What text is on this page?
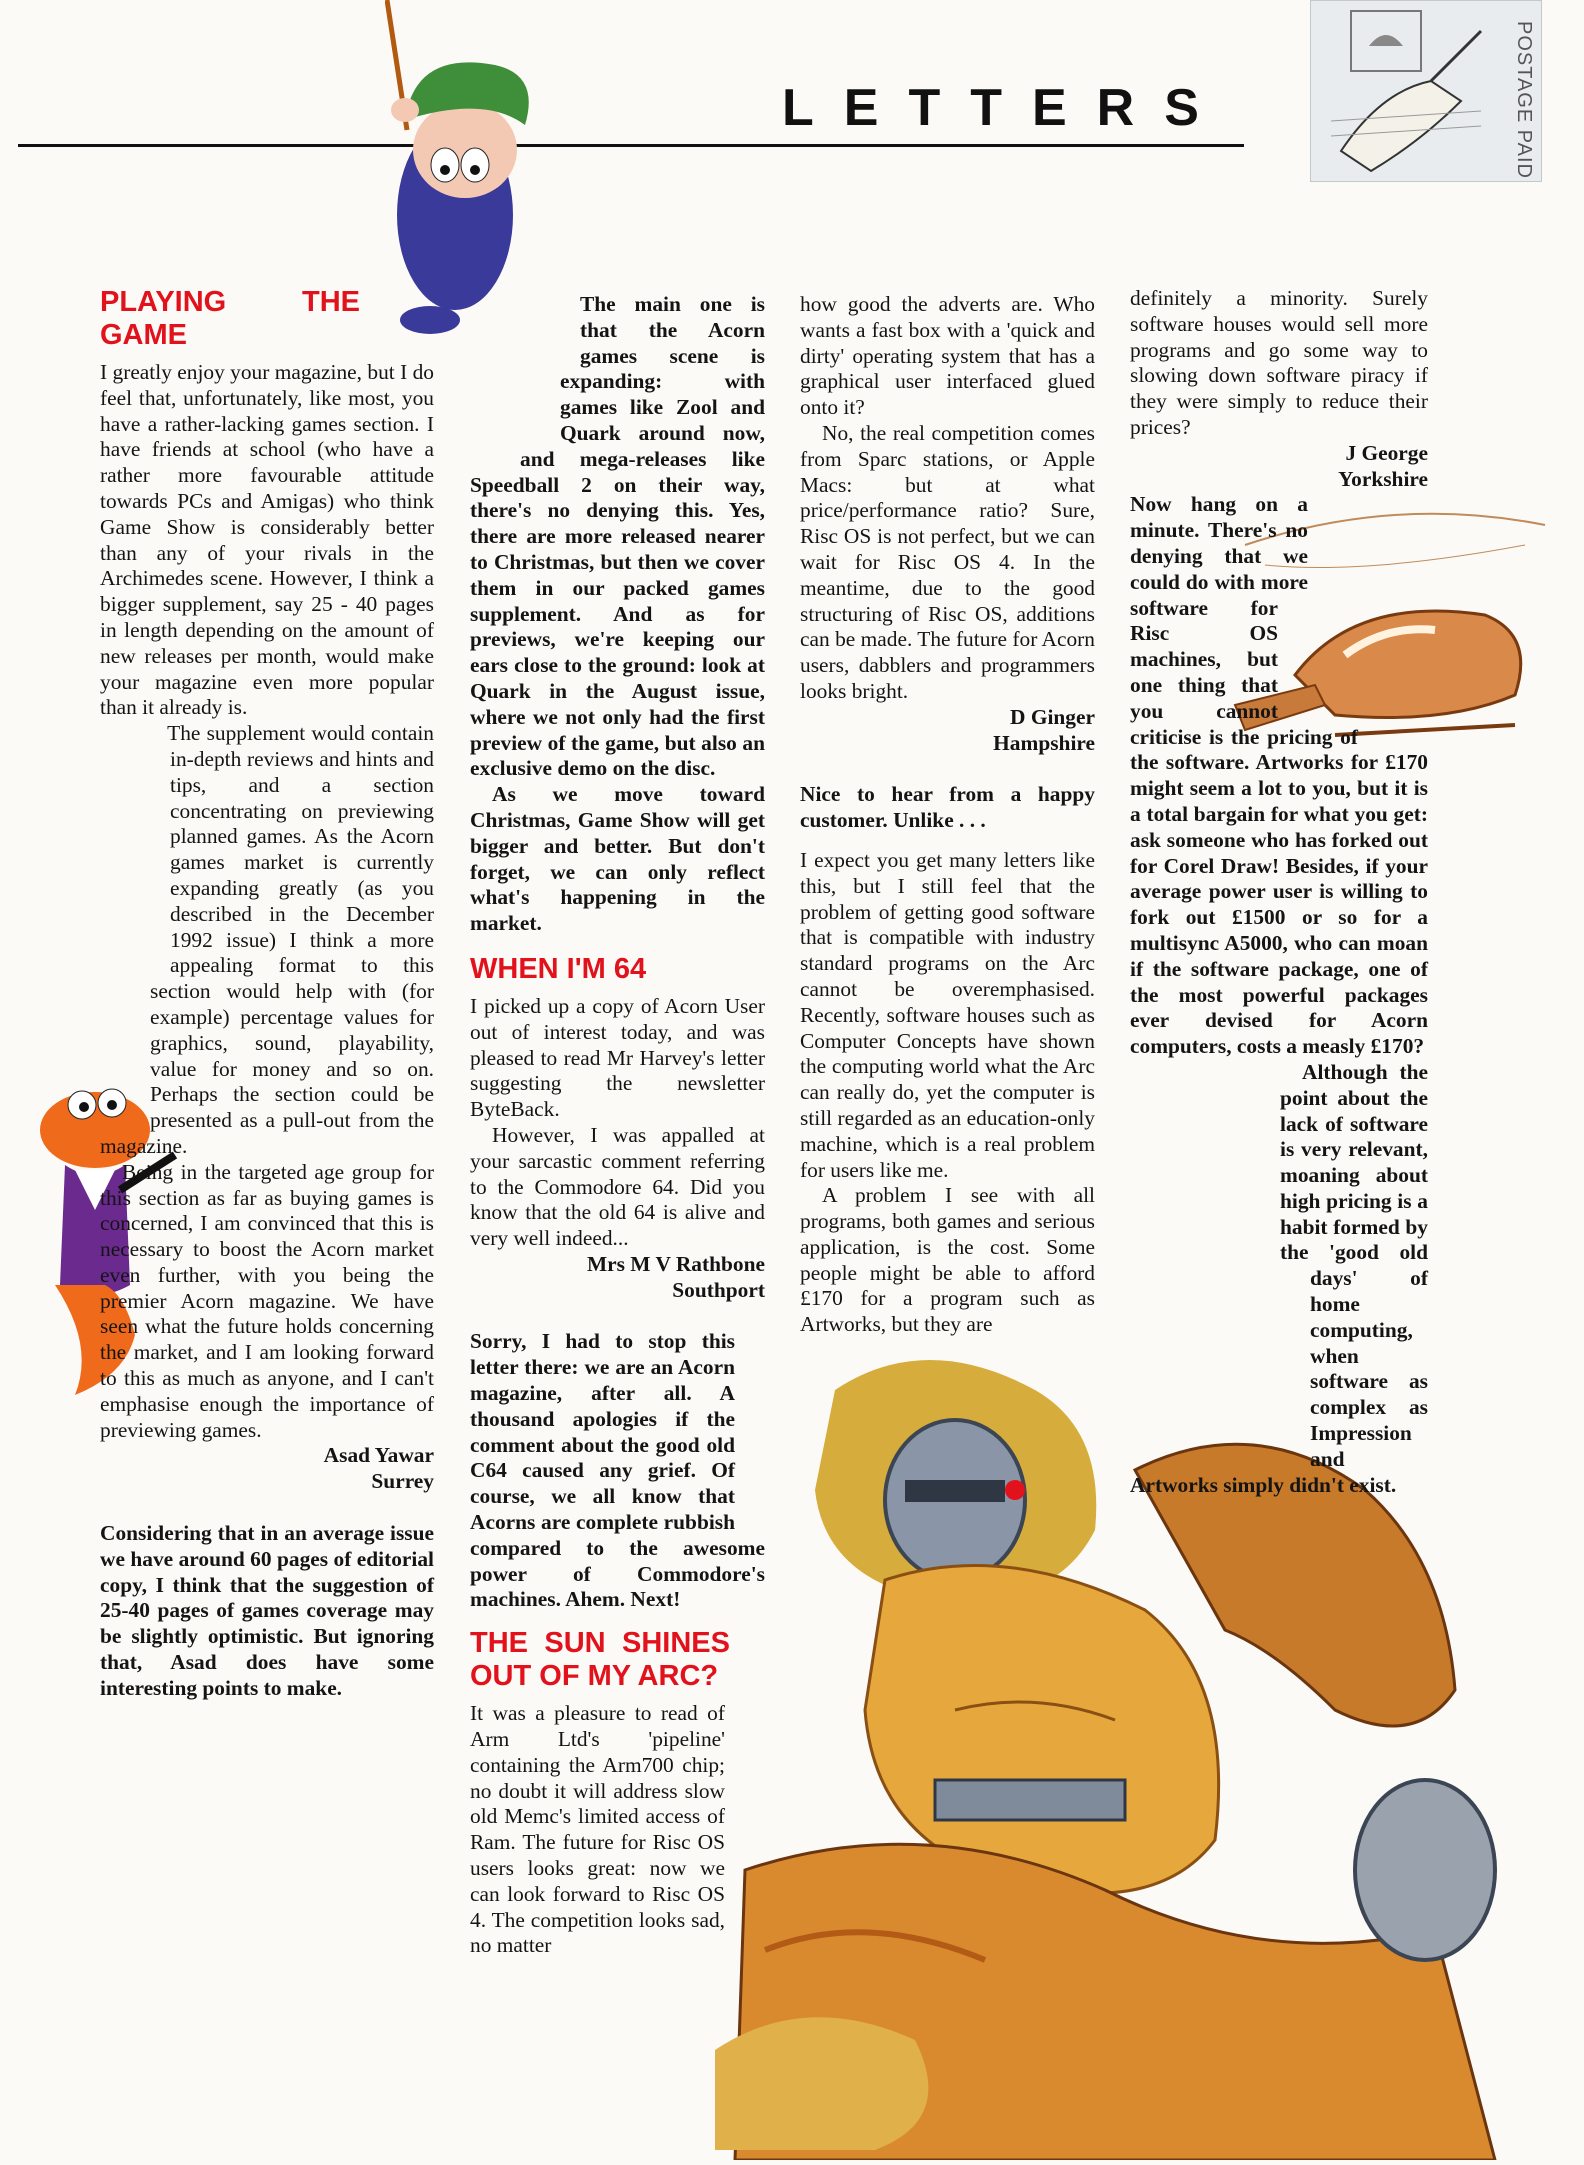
LETTERS	POSTAGE PAID
PLAYING THE GAME

I greatly enjoy your magazine, but I do feel that, unfortunately, like most, you have a rather-lacking games section. I have friends at school (who have a rather more favourable attitude towards PCs and Amigas) who think Game Show is considerably better than any of your rivals in the Archimedes scene. However, I think a bigger supplement, say 25 - 40 pages in length depending on the amount of new releases per month, would make your magazine even more popular than it already is.

The supplement would contain in-depth reviews and hints and tips, and a section concentrating on previewing planned games. As the Acorn games market is currently expanding greatly (as you described in the December 1992 issue) I think a more appealing format to this section would help with (for example) percentage values for graphics, sound, playability, value for money and so on. Perhaps the section could be presented as a pull-out from the magazine.

Being in the targeted age group for this section as far as buying games is concerned, I am convinced that this is necessary to boost the Acorn market even further, with you being the premier Acorn magazine. We have seen what the future holds concerning the market, and I am looking forward to this as much as anyone, and I can't emphasise enough the importance of previewing games.

Asad Yawar

Surrey

Considering that in an average issue we have around 60 pages of editorial copy, I think that the suggestion of 25-40 pages of games coverage may be slightly optimistic. But ignoring that, Asad does have some interesting points to make.

The main one is that the Acorn games scene is expanding: with games like Zool and Quark around now, and mega-releases like Speedball 2 on their way, there's no denying this. Yes, there are more released nearer to Christmas, but then we cover them in our packed games supplement. And as for previews, we're keeping our ears close to the ground: look at Quark in the August issue, where we not only had the first preview of the game, but also an exclusive demo on the disc.

As we move toward Christmas, Game Show will get bigger and better. But don't forget, we can only reflect what's happening in the market.

WHEN I'M 64

I picked up a copy of Acorn User out of interest today, and was pleased to read Mr Harvey's letter suggesting the newsletter ByteBack.

However, I was appalled at your sarcastic comment referring to the Commodore 64. Did you know that the old 64 is alive and very well indeed...

Mrs M V Rathbone

Southport

Sorry, I had to stop this letter there: we are an Acorn magazine, after all. A thousand apologies if the comment about the good old C64 caused any grief. Of course, we all know that Acorns are complete rubbish compared to the awesome power of Commodore's machines. Ahem. Next!

THE SUN SHINES OUT OF MY ARC?

It was a pleasure to read of Arm Ltd's 'pipeline' containing the Arm700 chip; no doubt it will address slow old Memc's limited access of Ram. The future for Risc OS users looks great: now we can look forward to Risc OS 4. The competition looks sad, no matter

how good the adverts are. Who wants a fast box with a 'quick and dirty' operating system that has a graphical user interfaced glued onto it?

No, the real competition comes from Sparc stations, or Apple Macs: but at what price/performance ratio? Sure, Risc OS is not perfect, but we can wait for Risc OS 4. In the meantime, due to the good structuring of Risc OS, additions can be made. The future for Acorn users, dabblers and programmers looks bright.

D Ginger

Hampshire

Nice to hear from a happy customer. Unlike . . .

I expect you get many letters like this, but I still feel that the problem of getting good software that is compatible with industry standard programs on the Arc cannot be overemphasised. Recently, software houses such as Computer Concepts have shown the computing world what the Arc can really do, yet the computer is still regarded as an education-only machine, which is a real problem for users like me.

A problem I see with all programs, both games and serious application, is the cost. Some people might be able to afford £170 for a program such as Artworks, but they are

definitely a minority. Surely software houses would sell more programs and go some way to slowing down software piracy if they were simply to reduce their prices?

J George

Yorkshire

Now hang on a minute. There's no denying that we could do with more software for Risc OS machines, but one thing that you cannot criticise is the pricing of the software. Artworks for £170 might seem a lot to you, but it is a total bargain for what you get: ask someone who has forked out for Corel Draw! Besides, if your average power user is willing to fork out £1500 or so for a multisync A5000, who can moan if the software package, one of the most powerful packages ever devised for Acorn computers, costs a measly £170?

Although the point about the lack of software is very relevant, moaning about high pricing is a habit formed by the 'good old days' of home computing, when software as complex as Impression and Artworks simply didn't exist.
